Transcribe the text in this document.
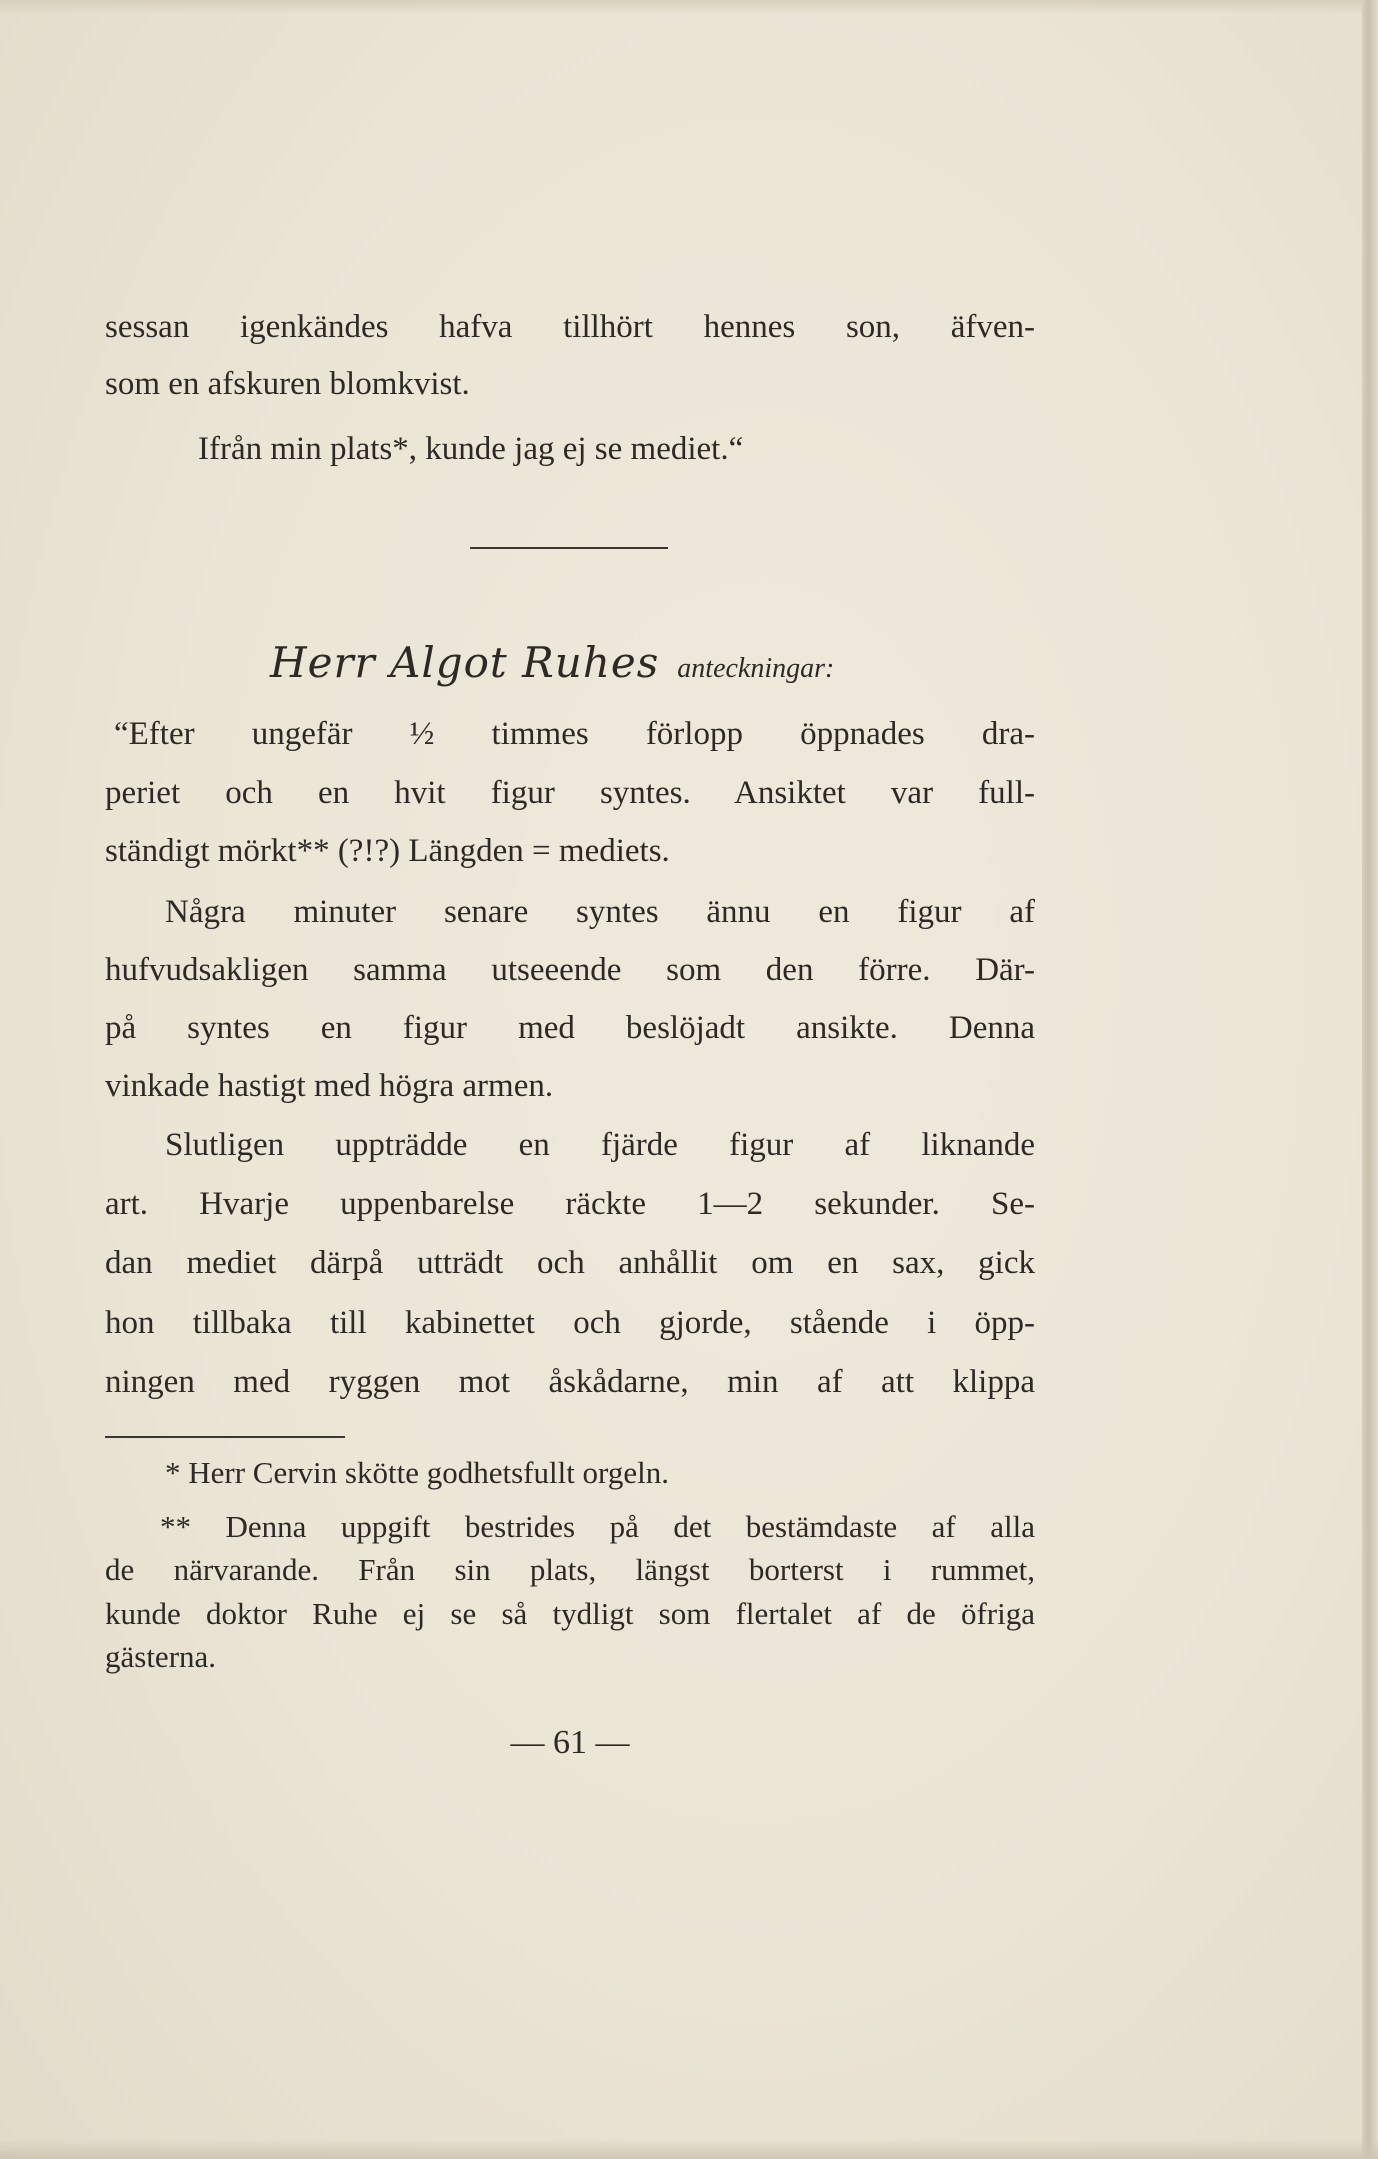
sessan igenkändes hafva tillhört hennes son, äfven-
som en afskuren blomkvist.
Ifrån min plats*, kunde jag ej se mediet.“
Herr Algot Ruhes anteckningar:
“Efter ungefär ½ timmes förlopp öppnades dra-
periet och en hvit figur syntes. Ansiktet var full-
ständigt mörkt** (?!?) Längden = mediets.
Några minuter senare syntes ännu en figur af
hufvudsakligen samma utseeende som den förre. Där-
på syntes en figur med beslöjadt ansikte. Denna
vinkade hastigt med högra armen.
Slutligen uppträdde en fjärde figur af liknande
art. Hvarje uppenbarelse räckte 1—2 sekunder. Se-
dan mediet därpå utträdt och anhållit om en sax, gick
hon tillbaka till kabinettet och gjorde, stående i öpp-
ningen med ryggen mot åskådarne, min af att klippa
* Herr Cervin skötte godhetsfullt orgeln.
** Denna uppgift bestrides på det bestämdaste af alla
de närvarande. Från sin plats, längst borterst i rummet,
kunde doktor Ruhe ej se så tydligt som flertalet af de öfriga
gästerna.
— 61 —
